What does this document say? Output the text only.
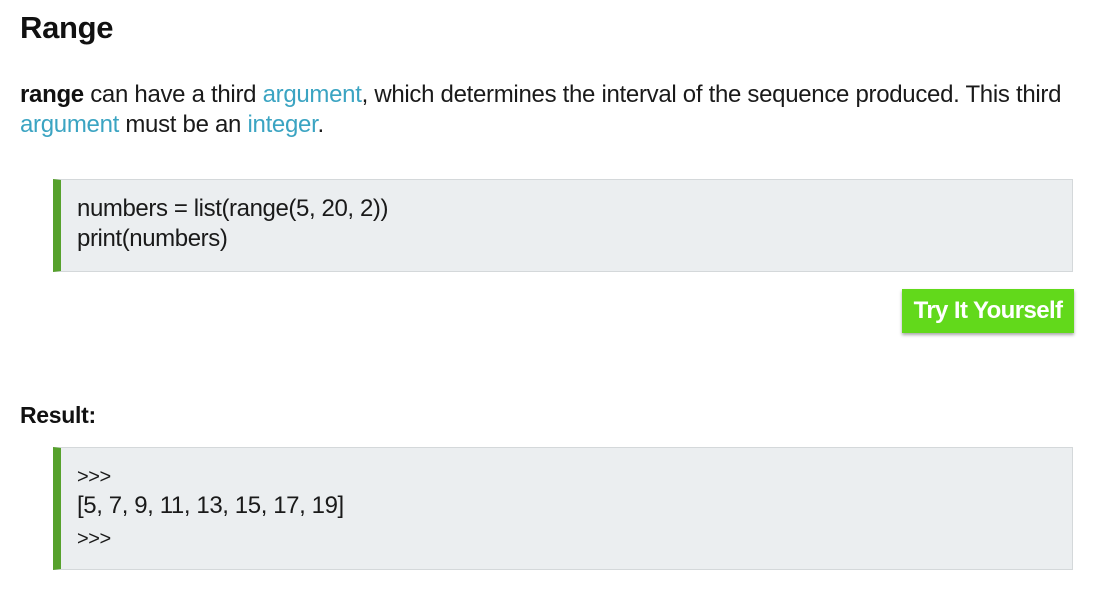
Range

range can have a third argument, which determines the interval of the sequence produced. This third argument must be an integer.

numbers = list(range(5, 20, 2))
print(numbers)
Try It Yourself
Result:
>>>
[5, 7, 9, 11, 13, 15, 17, 19]
>>>
